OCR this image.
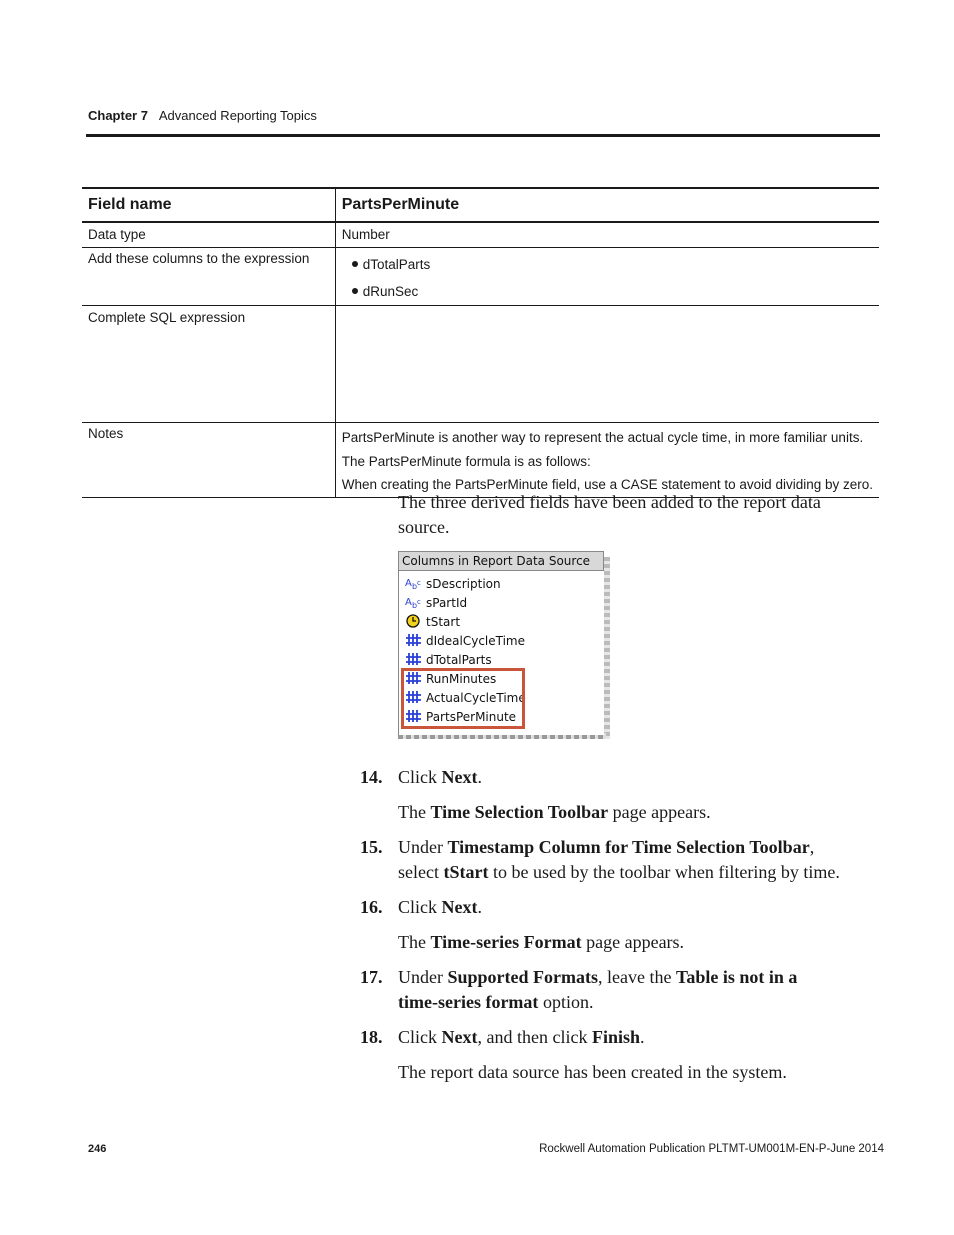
Chapter 7 Advanced Reporting Topics
Field name	PartsPerMinute
Data type	Number
Add these columns to the expression	dTotalParts
dRunSec

Complete SQL expression	
Notes	PartsPerMinute is another way to represent the actual cycle time, in more familiar units.
The PartsPerMinute formula is as follows:
When creating the PartsPerMinute field, use a CASE statement to avoid dividing by zero.
The three derived fields have been added to the report data
source.
Columns in Report Data Source
A b c sDescription
A b c sPartId
tStart
dIdealCycleTime
dTotalParts
RunMinutes
ActualCycleTime
PartsPerMinute
14. Click Next.
The Time Selection Toolbar page appears.
15. Under Timestamp Column for Time Selection Toolbar,
select tStart to be used by the toolbar when filtering by time.
16. Click Next.
The Time-series Format page appears.
17. Under Supported Formats, leave the Table is not in a
time-series format option.
18. Click Next, and then click Finish.
The report data source has been created in the system.
246	Rockwell Automation Publication PLTMT-UM001M-EN-P-June 2014
